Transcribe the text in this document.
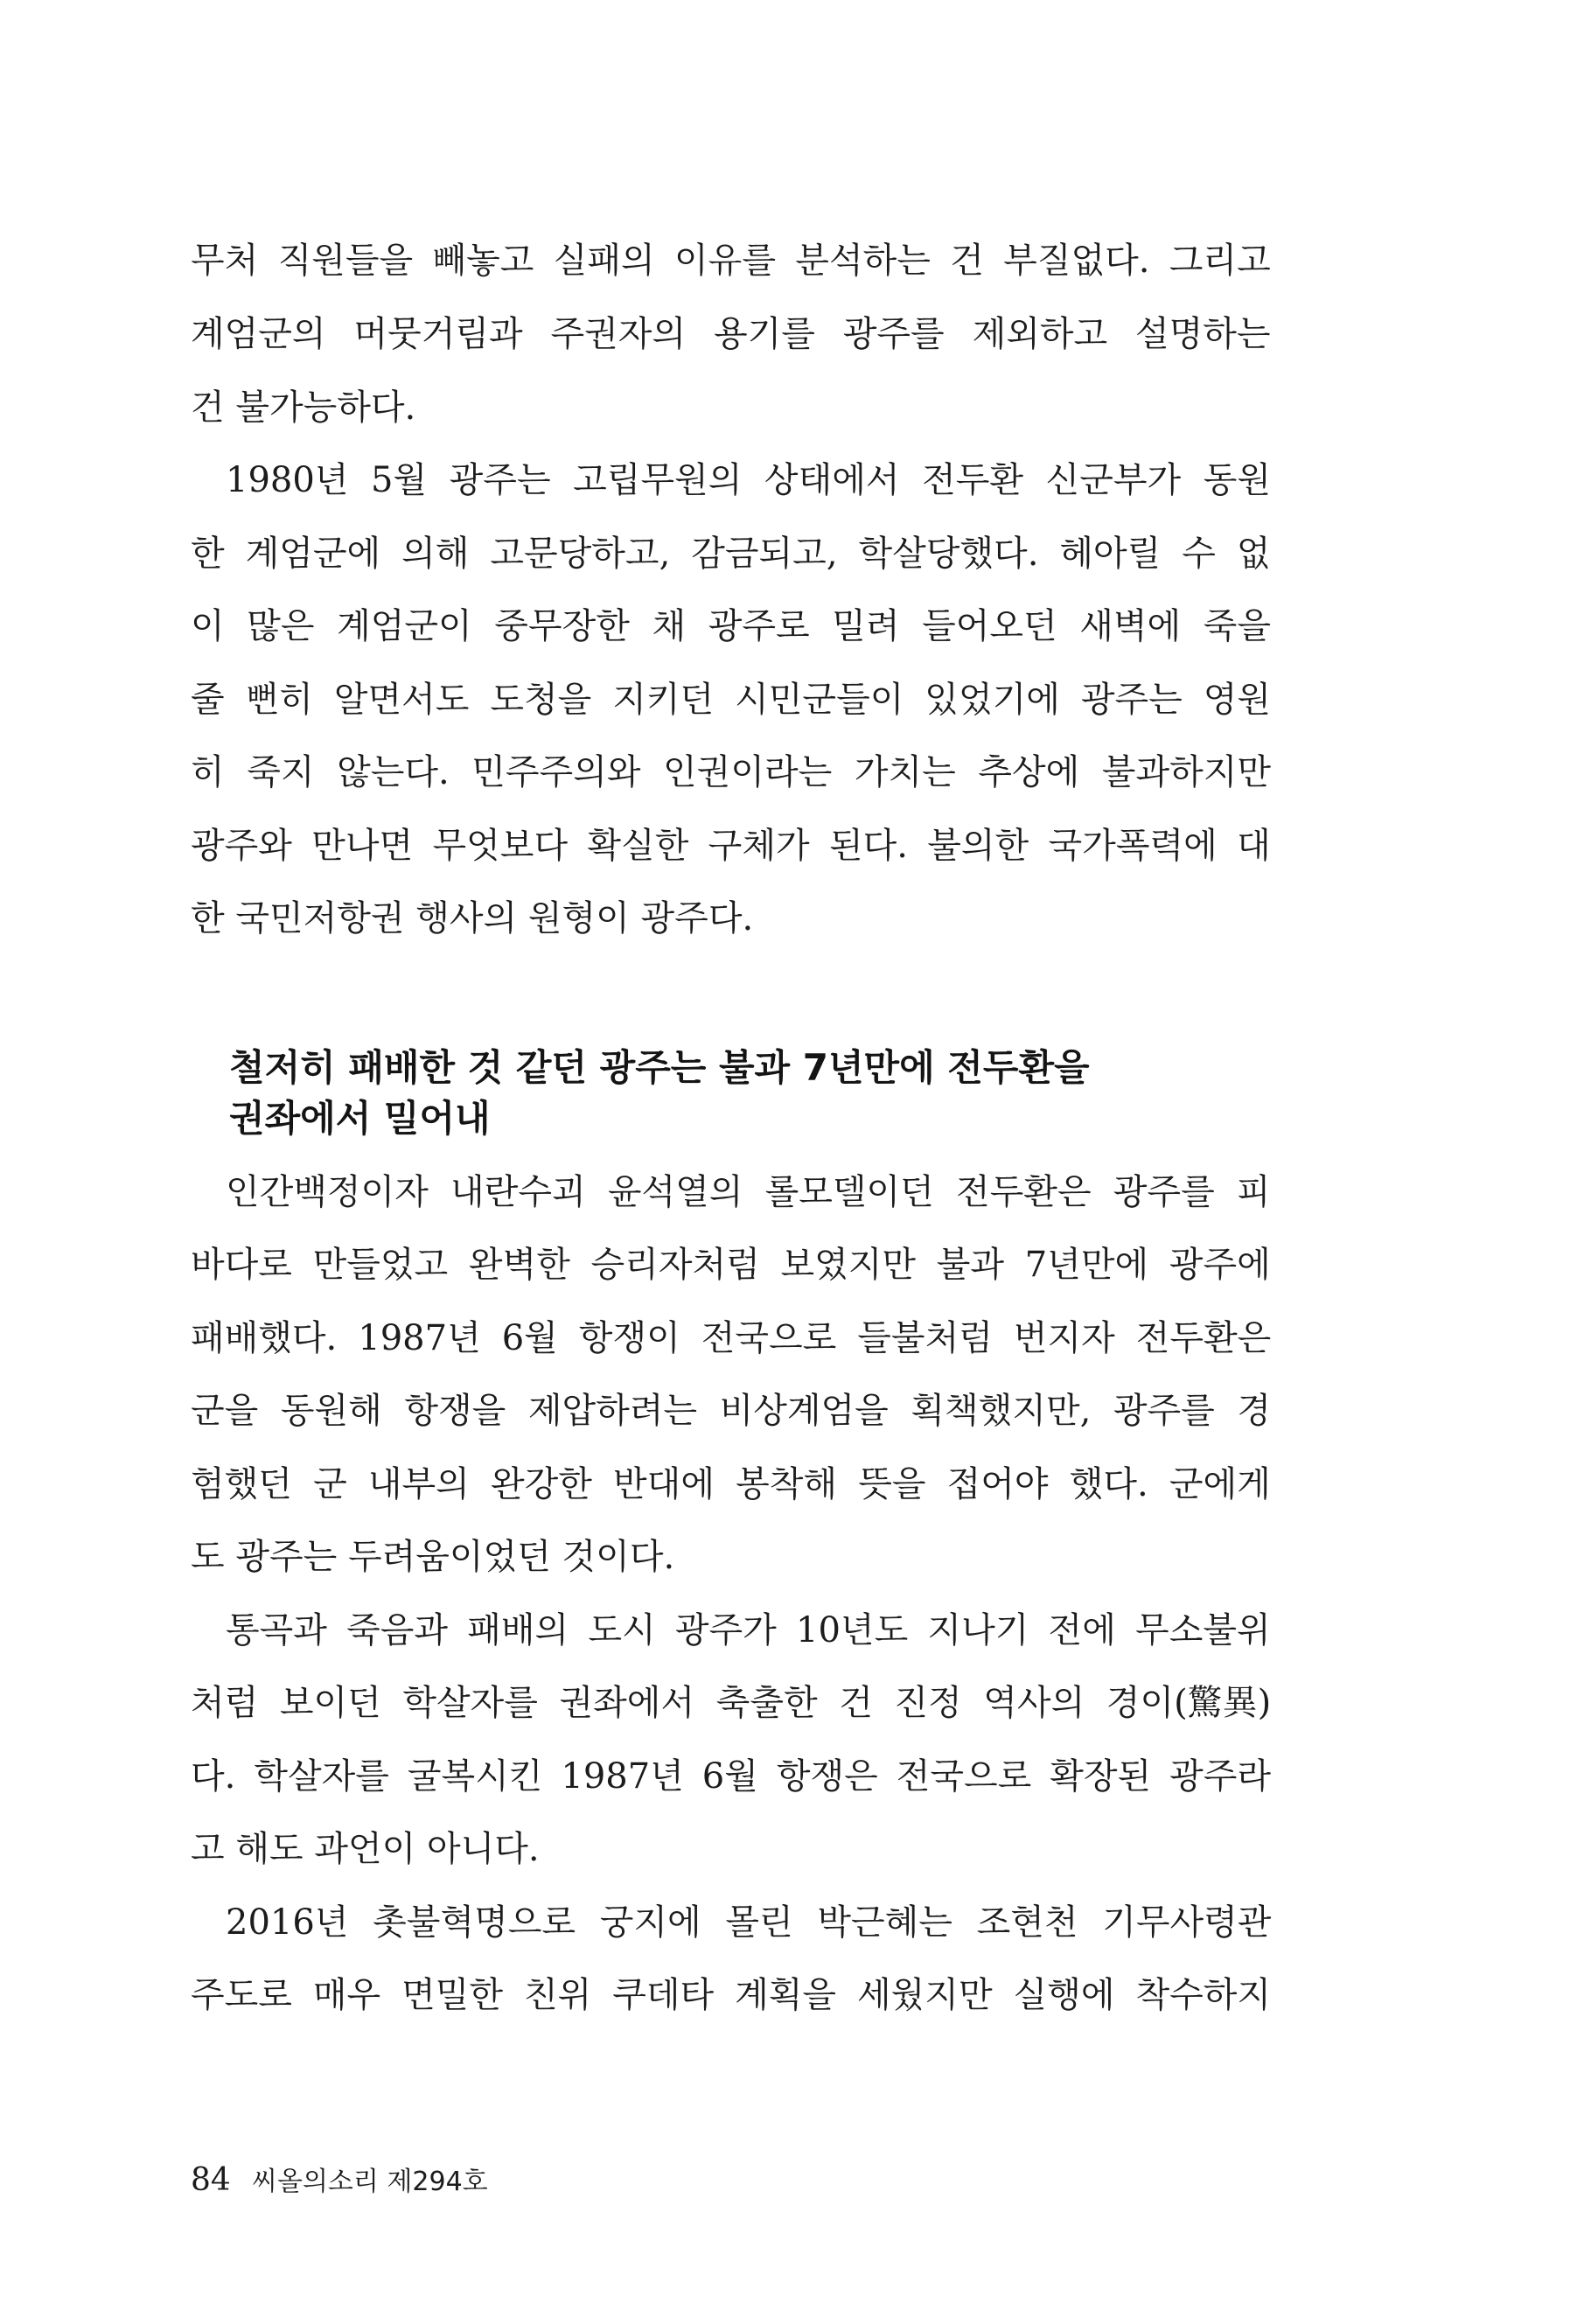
무처 직원들을 빼놓고 실패의 이유를 분석하는 건 부질없다. 그리고
계엄군의 머뭇거림과 주권자의 용기를 광주를 제외하고 설명하는
건 불가능하다.
1980년 5월 광주는 고립무원의 상태에서 전두환 신군부가 동원
한 계엄군에 의해 고문당하고, 감금되고, 학살당했다. 헤아릴 수 없
이 많은 계엄군이 중무장한 채 광주로 밀려 들어오던 새벽에 죽을
줄 뻔히 알면서도 도청을 지키던 시민군들이 있었기에 광주는 영원
히 죽지 않는다. 민주주의와 인권이라는 가치는 추상에 불과하지만
광주와 만나면 무엇보다 확실한 구체가 된다. 불의한 국가폭력에 대
한 국민저항권 행사의 원형이 광주다.
철저히 패배한 것 같던 광주는 불과 7년만에 전두환을
권좌에서 밀어내
인간백정이자 내란수괴 윤석열의 롤모델이던 전두환은 광주를 피
바다로 만들었고 완벽한 승리자처럼 보였지만 불과 7년만에 광주에
패배했다. 1987년 6월 항쟁이 전국으로 들불처럼 번지자 전두환은
군을 동원해 항쟁을 제압하려는 비상계엄을 획책했지만, 광주를 경
험했던 군 내부의 완강한 반대에 봉착해 뜻을 접어야 했다. 군에게
도 광주는 두려움이었던 것이다.
통곡과 죽음과 패배의 도시 광주가 10년도 지나기 전에 무소불위
처럼 보이던 학살자를 권좌에서 축출한 건 진정 역사의 경이(驚異)
다. 학살자를 굴복시킨 1987년 6월 항쟁은 전국으로 확장된 광주라
고 해도 과언이 아니다.
2016년 촛불혁명으로 궁지에 몰린 박근혜는 조현천 기무사령관
주도로 매우 면밀한 친위 쿠데타 계획을 세웠지만 실행에 착수하지
84 씨올의소리 제294호
